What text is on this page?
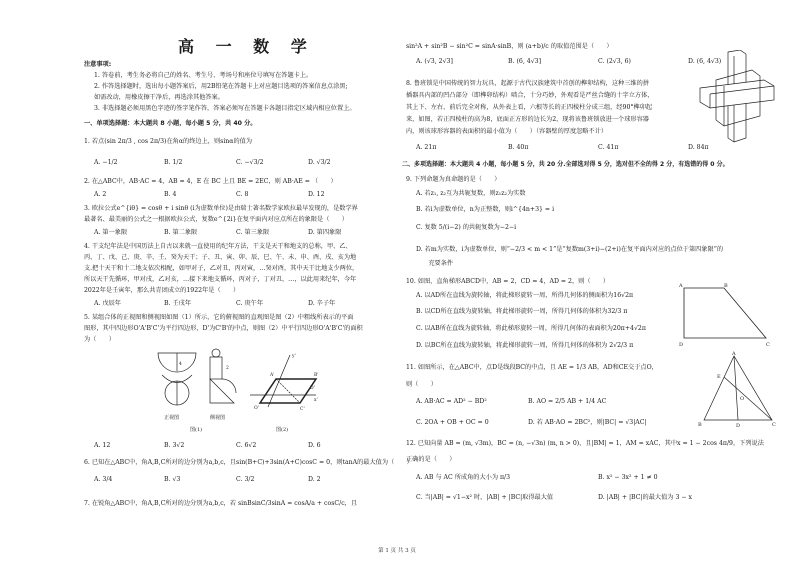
高 一 数 学
注意事项:
1. 答卷前，考生务必将自己的姓名、考生号、考场号和座位号填写在答题卡上。
2. 作答选择题时，选出每小题答案后，用2B铅笔在答题卡上对应题目选项的答案信息点涂黑;
如需改动，用橡皮擦干净后，再选涂其他答案。
3. 非选择题必须用黑色字迹的签字笔作答，答案必须写在答题卡各题目指定区域内相应位置上。
一、单项选择题：本大题共 8 小题，每小题 5 分，共 40 分。
1. 若点(sin 2π/3 , cos 2π/3)在角α的终边上，则sinα的值为
A. −1/2	B. 1/2	C. −√3/2	D. √3/2
2. 在△ABC中，AB·AC = 4，AB = 4，E 在 BC 上且 BE = 2EC，则 AB·AE = （　　）
A. 2	B. 4	C. 8	D. 12
3. 欧拉公式e^{iθ} = cosθ + i sinθ (i为虚数单位)是由瑞士著名数学家欧拉最早发现的，是数学界
最著名、最美丽的公式之一根据欧拉公式，复数e^{2i}在复平面内对应点所在的象限是（　　）
A. 第一象限	B. 第二象限	C. 第三象限	D. 第四象限
4. 干支纪年法是中国历法上自古以来就一直使用的纪年方法，干支是天干和地支的总称，甲、乙、
丙、丁、戊、己、庚、辛、壬、癸为天干；子、丑、寅、卯、辰、巳、午、未、申、酉、戌、亥为地
支.把十天干和十二地支依次相配，如甲对子，乙对丑，丙对寅，…癸对酉，其中天干比地支少两位，
所以天干先循环，甲对戌，乙对亥，…接下来地支循环，丙对子，丁对丑，…，以此用来纪年，今年
2022年是壬寅年，那么共青团成立的1922年是（　　）
A. 戊辰年	B. 壬戌年	C. 庚午年	D. 辛子年
5. 某组合体的正视图和侧视图如图（1）所示，它的俯视图的直观图是图（2）中粗线所表示的平面
图形，其中四边形O'A'B'C'为平行四边形，D'为C'B'的中点，则图（2）中平行四边形O'A'B'C'的面积
为（　　）
正视图	侧视图
图(1)	图(2)
A'	B'
C'
D'
O'
x'
y'
4
2
A. 12	B. 3√2	C. 6√2	D. 6
6. 已知在△ABC中，角A,B,C所对的边分别为a,b,c，且sin(B+C)+3sin(A+C)cosC = 0，则tanA的最大值为（　　）
A. 3/4	B. √3	C. 3/2	D. 2
7. 在锐角△ABC中，角A,B,C所对的边分别为a,b,c，若 sinBsinC/3sinA = cosA/a + cosC/c，且
sin²A + sin²B − sin²C = sinA·sinB，则 (a+b)/c 的取值范围是（　　）
A. (√3, 2√3]	B. (6, 4√3]	C. (2√3, 6)	D. (6, 4√3)
8. 鲁班锁是中国传统的智力玩具，起源于古代汉族建筑中首创的榫卯结构，这种三维的拼
插器具内部的凹凸部分（即榫卯结构）啮合，十分巧妙，外观看是严丝合缝的十字立方体，
其上下、左右、前后完全对称，从外表上看，六根等长的正四棱柱分成三组，经90°榫卯起
来，如图，若正四棱柱的高为8，底面正方形的边长为2，现将该鲁班锁放进一个球形容器
内，则该球形容器的表面积的最小值为（　　）（容器壁的厚度忽略不计）
A. 21π	B. 40π	C. 41π	D. 84π
二、多项选择题：本大题共 4 小题，每小题 5 分，共 20 分.全部选对得 5 分，选对但不全的得 2 分，有选错的得 0 分。
9. 下列命题为真命题的是（　　）
A. 若z₁, z₂互为共轭复数，则z₁z₂为实数
B. 若i为虚数单位，n为正整数，则i^{4n+3} = i
C. 复数 5/(i−2) 的共轭复数为−2−i
D. 若m为实数，i为虚数单位，则“−2/3 < m < 1”是“复数m(3+i)−(2+i)在复平面内对应的点位于第四象限”的
　　充要条件
10. 如图，直角梯形ABCD中，AB = 2，CD = 4，AD = 2，则（　　）
A. 以AD所在直线为旋转轴，将此梯形旋转一周，所得几何体的侧面积为16√2π
B. 以CD所在直线为旋转轴，将此梯形旋转一周，所得几何体的体积为32/3 π
C. 以AB所在直线为旋转轴，将此梯形旋转一周，所得几何体的表面积为20π+4√2π
D. 以BC所在直线为旋转轴，将此梯形旋转一周，所得几何体的体积为 2√2/3 π
A	B
C
D
11. 如图所示，在△ABC中，点D是线段BC的中点，且 AE = 1/3 AB，AD和CE交于点O，
则（　　）
A. AB·AC = AD² − BD²	B. AO = 2/5 AB + 1/4 AC
C. 2OA + OB + OC = 0	D. 若 AB·AO = 2BC²，则|BC| = √3|AC|
A
B	C
D
E
O
12. 已知向量 AB = (m, √3m)，BC = (n, −√3n) (m, n > 0)，且|BM| = 1，AM = xAC，其中x = 1 − 2cos 4π/9，下列说法
正确的是（　　）
A. AB 与 AC 所成角的大小为 π/3	B. x² − 3x² + 1 ≠ 0
C. 当|AB| = √1−x² 时，|AB| + |BC|取得最大值	D. |AB| + |BC|的最大值为 3 − x
第 1 页 共 3 页
